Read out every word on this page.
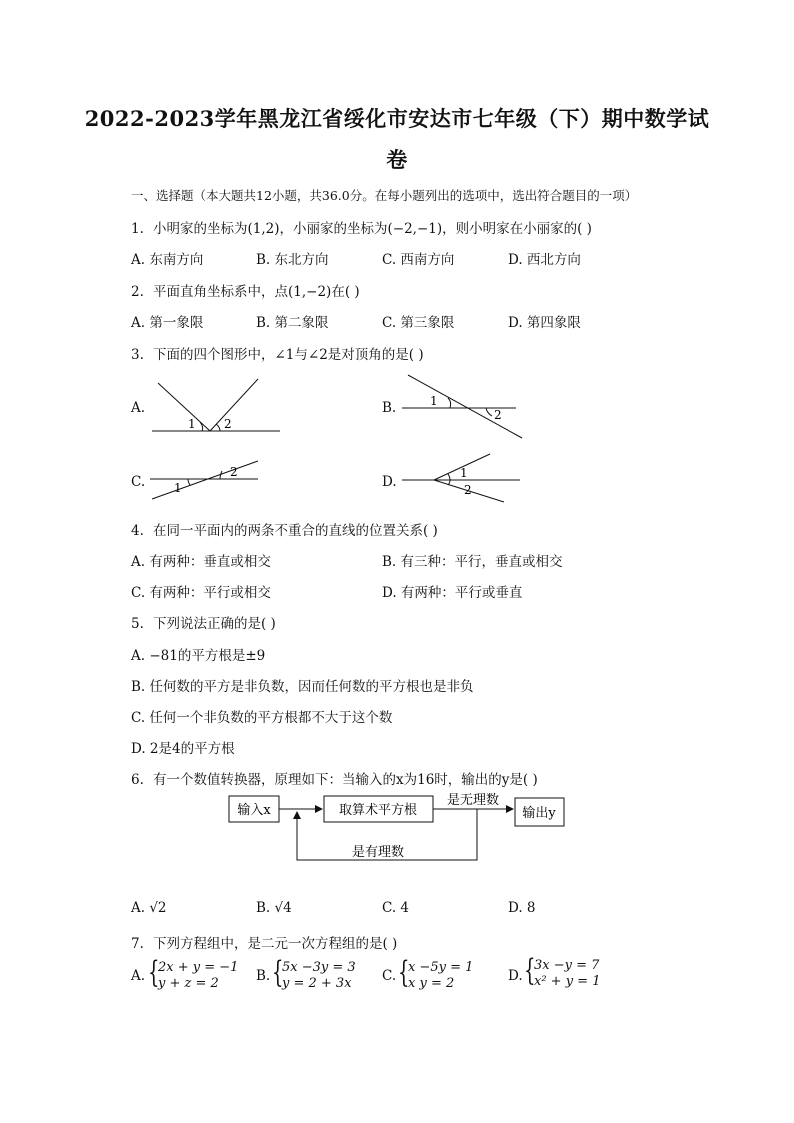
2022-2023学年黑龙江省绥化市安达市七年级（下）期中数学试
卷
一、选择题（本大题共12小题，共36.0分。在每小题列出的选项中，选出符合题目的一项）
1. 小明家的坐标为(1,2)，小丽家的坐标为(−2,−1)，则小明家在小丽家的( )
A. 东南方向	B. 东北方向	C. 西南方向	D. 西北方向
2. 平面直角坐标系中，点(1,−2)在( )
A. 第一象限	B. 第二象限	C. 第三象限	D. 第四象限
3. 下面的四个图形中，∠1与∠2是对顶角的是( )
A.	B.
C.	D.
1 2
1
2
1
2	1
2
4. 在同一平面内的两条不重合的直线的位置关系( )
A. 有两种：垂直或相交	B. 有三种：平行，垂直或相交
C. 有两种：平行或相交	D. 有两种：平行或垂直
5. 下列说法正确的是( )
A. −81的平方根是±9
B. 任何数的平方是非负数，因而任何数的平方根也是非负
C. 任何一个非负数的平方根都不大于这个数
D. 2是4的平方根
6. 有一个数值转换器，原理如下：当输入的x为16时，输出的y是( )
输入x	取算术平方根
是无理数
输出y
是有理数
A. √2	B. √4	C. 4	D. 8
7. 下列方程组中，是二元一次方程组的是( )
A. {
2x + y = −1
y + z = 2	B. {
5x −3y = 3
y = 2 + 3x	C. {
x −5y = 1
x y = 2	D. {
3x −y = 7
x² + y = 1
